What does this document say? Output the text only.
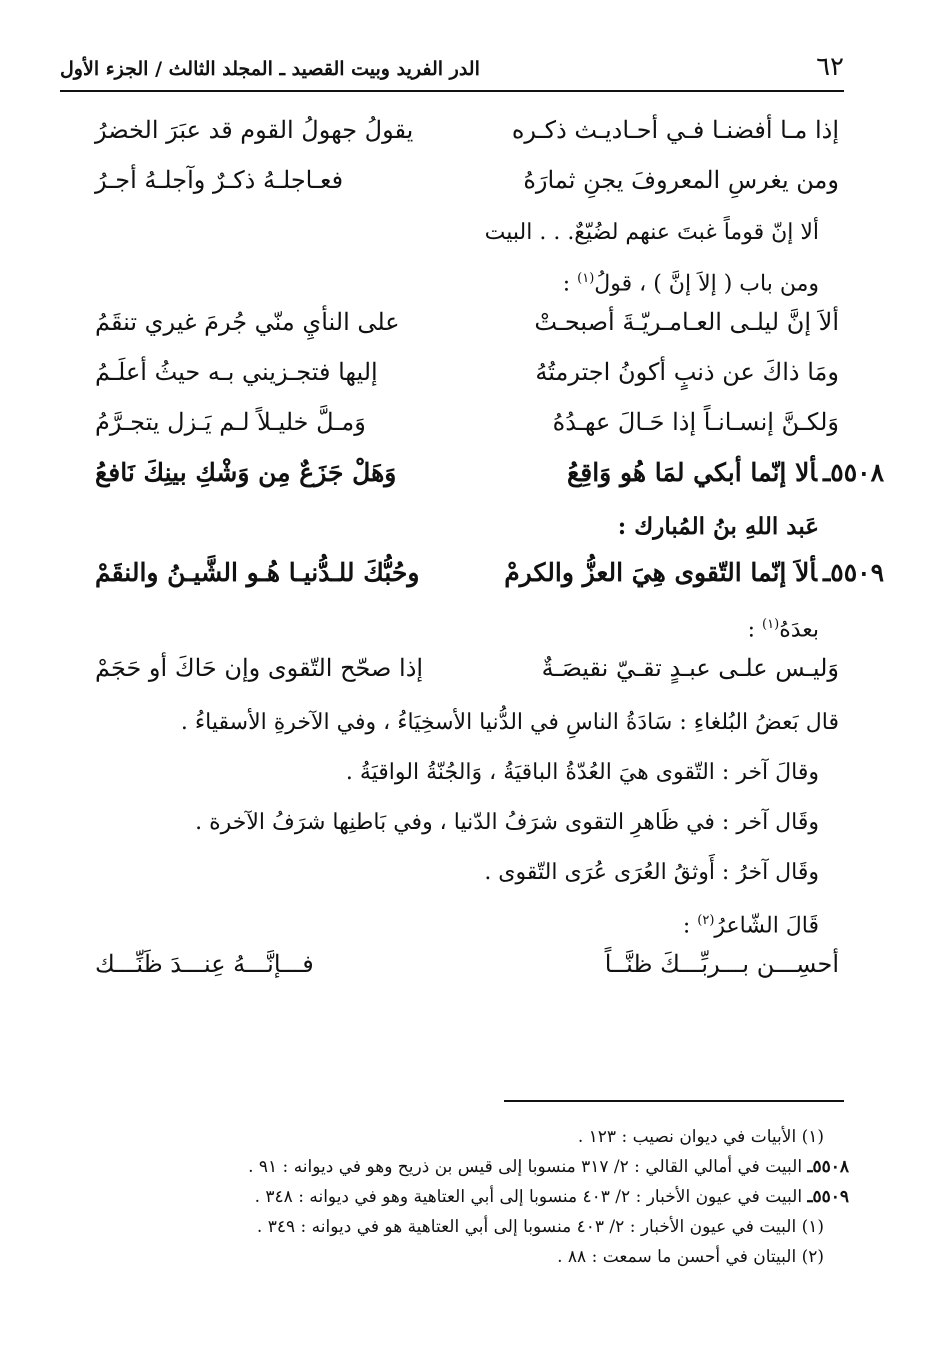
٦٢
الدر الفريد وبيت القصيد ـ المجلد الثالث / الجزء الأول
إذا مـا أفضنـا فـي أحـاديـث ذكـره
يقولُ جهولُ القوم قد عبَرَ الخضرُ
ومن يغرسِ المعروفَ يجنِ ثمارَهُ
فعـاجلـهُ ذكـرٌ وآجلـهُ أجـرُ
ألا إنّ قوماً غبتَ عنهم لضُيّعٌ. . . البيت
ومن باب ( إلاَ إنَّ ) ، قولُ$^{(١)}$ :
ألاَ إنَّ ليلـى العـامـريّـةَ أصبحـتْ
على النأيِ منّي جُرمَ غيري تنقَمُ
ومَا ذاكَ عن ذنبٍ أكونُ اجترمتُهُ
إليها فتجـزيني بـه حيثُ أعلَـمُ
وَلكـنَّ إنسـانـاً إذا حَـالَ عهـدُهُ
وَمـلَّ خليـلاً لـم يَـزل يتجـرَّمُ
٥٥٠٨ـألا إنّما أبكي لمَا هُو وَاقِعُ
وَهَلْ جَزَعٌ مِن وَشْكِ بينِكَ نَافعُ
عَبد اللهِ بنُ المُبارك :
٥٥٠٩ـألاَ إنّما التّقوى هِيَ العزُّ والكرمْ
وحُبُّكَ للـدُّنيـا هُـو الشَّيـنُ والنقَمْ
بعدَهُ$^{(١)}$ :
وَليـس علـى عبـدٍ تقـيّ نقيصَـةٌ
إذا صحّح التّقوى وإن حَاكَ أو حَجَمْ
قال بَعضُ البُلغاءِ : سَادَةُ الناسِ في الدُّنيا الأسخِيَاءُ ، وفي الآخرةِ الأسقياءُ .
وقالَ آخر : التّقوى هيَ العُدّةُ الباقيَةُ ، وَالجُنّةُ الواقيَةُ .
وقَال آخر : في ظَاهرِ التقوى شرَفُ الدّنيا ، وفي بَاطنِها شرَفُ الآخرة .
وقَال آخرُ : أَوثقُ العُرَى عُرَى التّقوى .
قَالَ الشّاعرُ$^{(٢)}$ :
أحسِـــن بـــربِّـــكَ ظنَّــاً
فـــإنَّـــهُ عِنـــدَ ظَنِّـــك
(١) الأبيات في ديوان نصيب : ١٢٣ .
٥٥٠٨ـ البيت في أمالي القالي : ٢/ ٣١٧ منسوبا إلى قيس بن ذريح وهو في ديوانه : ٩١ .
٥٥٠٩ـ البيت في عيون الأخبار : ٢/ ٤٠٣ منسوبا إلى أبي العتاهية وهو في ديوانه : ٣٤٨ .
(١) البيت في عيون الأخبار : ٢/ ٤٠٣ منسوبا إلى أبي العتاهية هو في ديوانه : ٣٤٩ .
(٢) البيتان في أحسن ما سمعت : ٨٨ .
